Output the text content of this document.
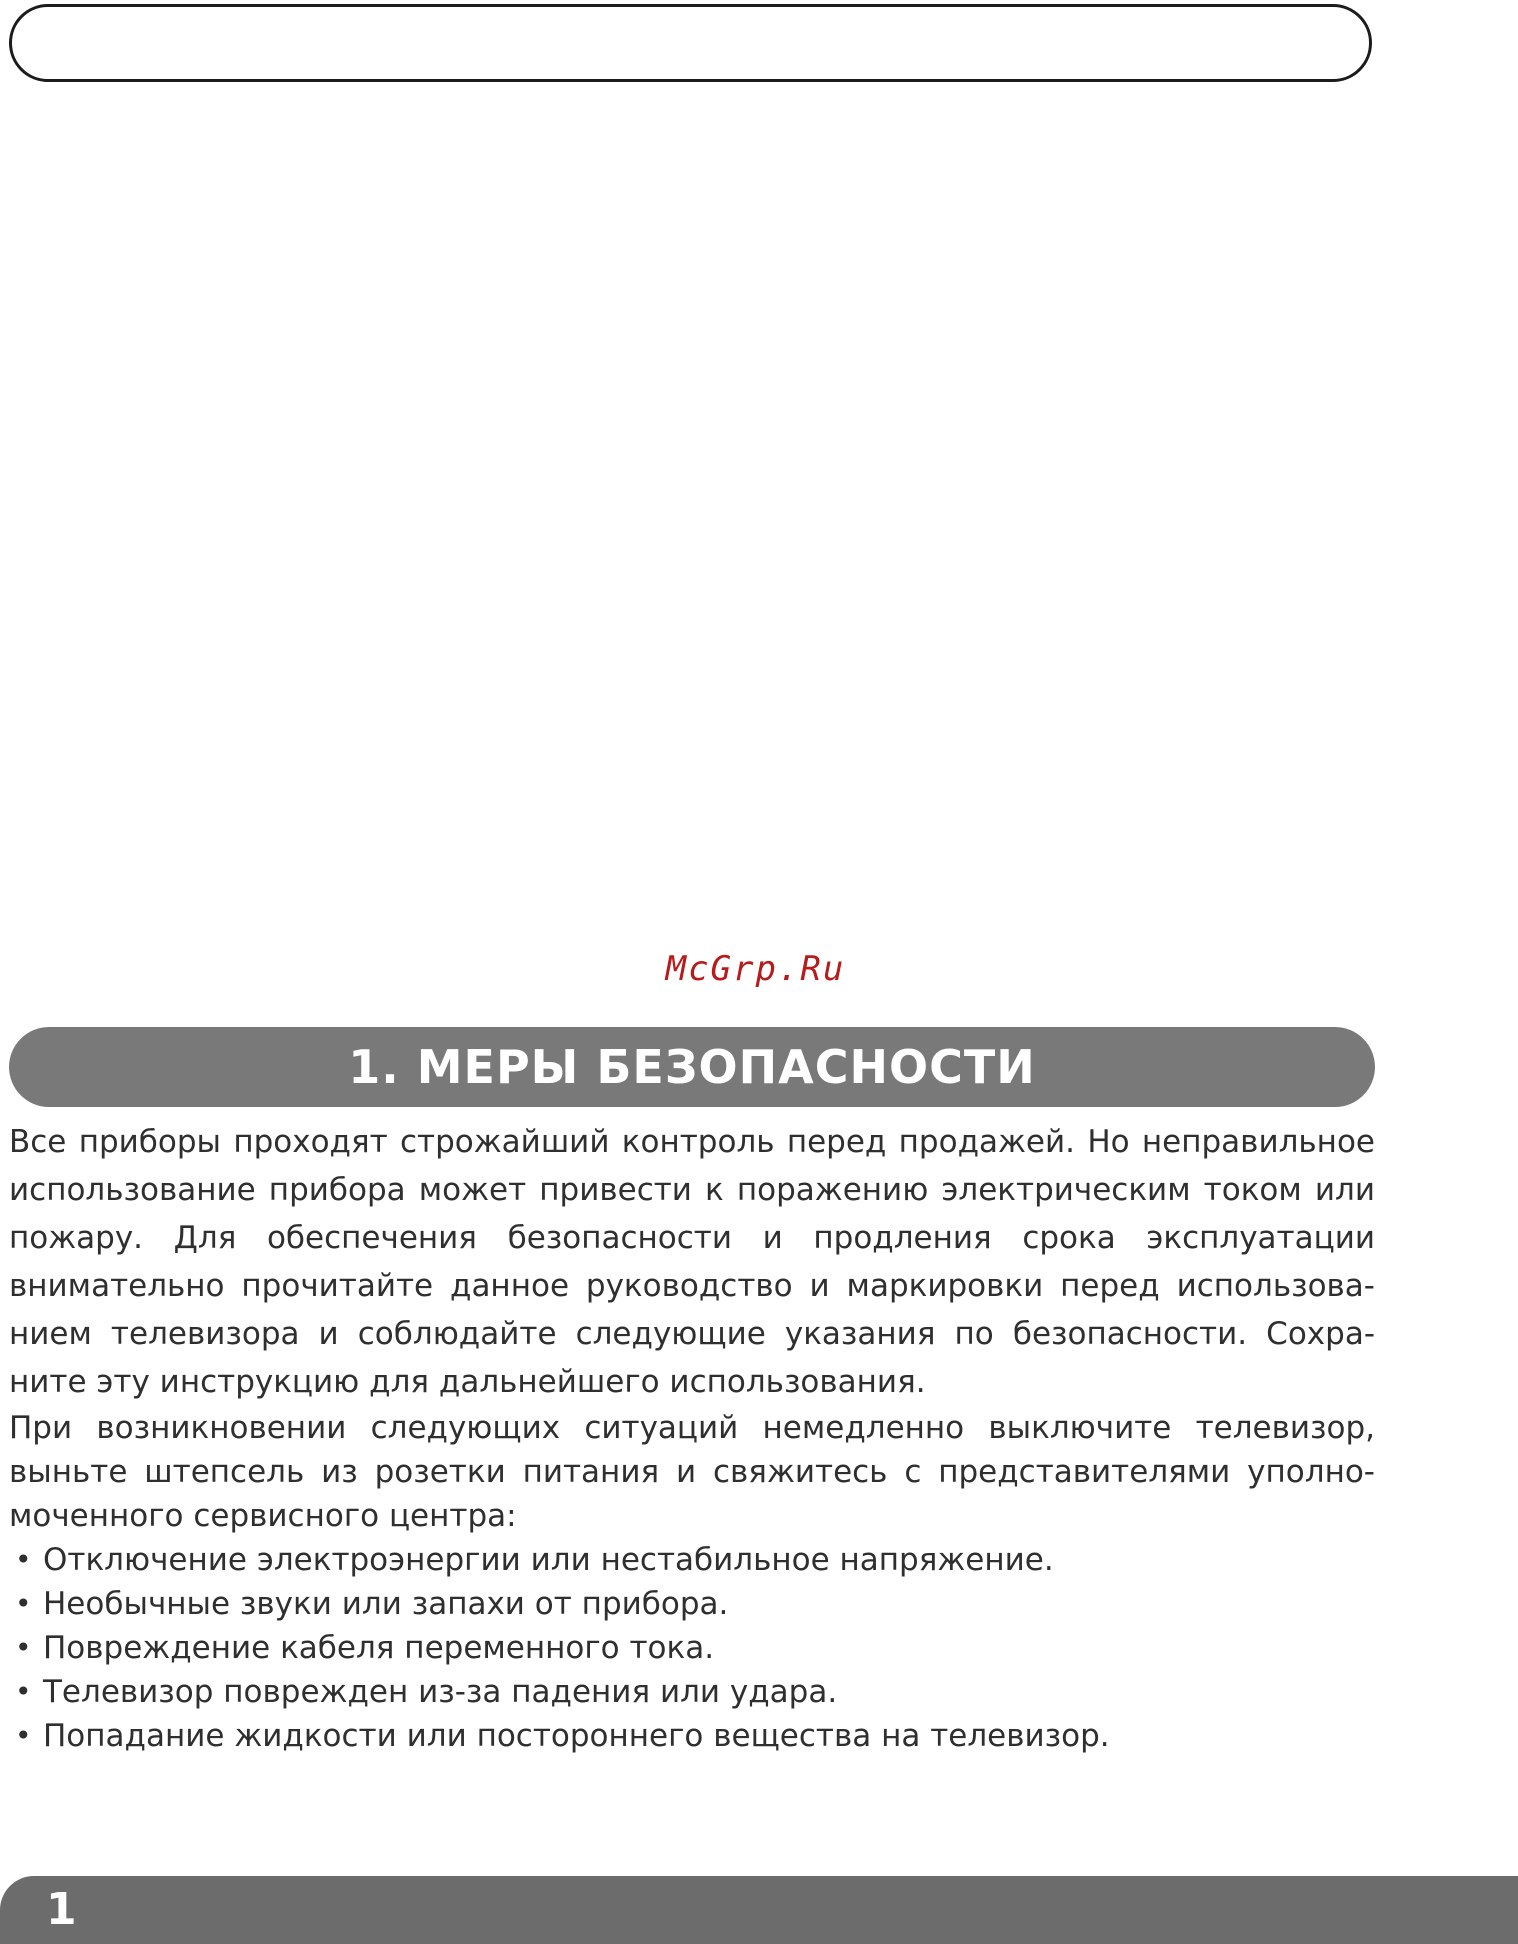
McGrp.Ru
1. МЕРЫ БЕЗОПАСНОСТИ

Все приборы проходят строжайший контроль перед продажей. Но неправильное использование прибора может привести к поражению электрическим током или пожару. Для обеспечения безопасности и продления срока эксплуатации внимательно прочитайте данное руководство и маркировки перед использова-нием телевизора и соблюдайте следующие указания по безопасности. Сохра-ните эту инструкцию для дальнейшего использования.

При возникновении следующих ситуаций немедленно выключите телевизор, выньте штепсель из розетки питания и свяжитесь с представителями уполно-моченного сервисного центра:

• Отключение электроэнергии или нестабильное напряжение.
• Необычные звуки или запахи от прибора.
• Повреждение кабеля переменного тока.
• Телевизор поврежден из-за падения или удара.
• Попадание жидкости или постороннего вещества на телевизор.
1
